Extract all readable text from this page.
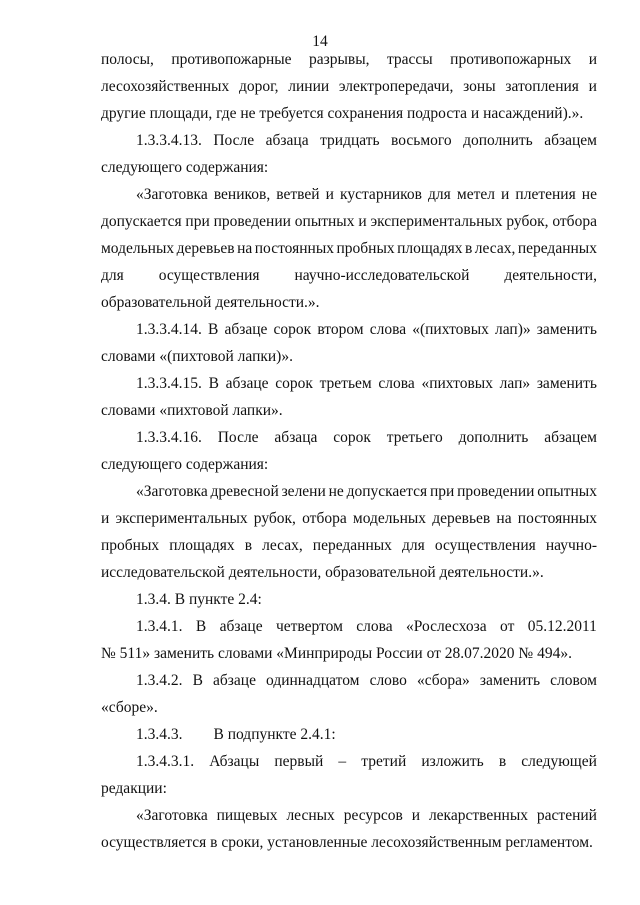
14
полосы, противопожарные разрывы, трассы противопожарных и
лесохозяйственных дорог, линии электропередачи, зоны затопления и
другие площади, где не требуется сохранения подроста и насаждений).».
1.3.3.4.13. После абзаца тридцать восьмого дополнить абзацем
следующего содержания:
«Заготовка веников, ветвей и кустарников для метел и плетения не
допускается при проведении опытных и экспериментальных рубок, отбора
модельных деревьев на постоянных пробных площадях в лесах, переданных
для осуществления научно-исследовательской деятельности,
образовательной деятельности.».
1.3.3.4.14. В абзаце сорок втором слова «(пихтовых лап)» заменить
словами «(пихтовой лапки)».
1.3.3.4.15. В абзаце сорок третьем слова «пихтовых лап» заменить
словами «пихтовой лапки».
1.3.3.4.16. После абзаца сорок третьего дополнить абзацем
следующего содержания:
«Заготовка древесной зелени не допускается при проведении опытных
и экспериментальных рубок, отбора модельных деревьев на постоянных
пробных площадях в лесах, переданных для осуществления научно-
исследовательской деятельности, образовательной деятельности.».
1.3.4. В пункте 2.4:
1.3.4.1. В абзаце четвертом слова «Рослесхоза от 05.12.2011
№ 511» заменить словами «Минприроды России от 28.07.2020 № 494».
1.3.4.2. В абзаце одиннадцатом слово «сбора» заменить словом
«сборе».
1.3.4.3.        В подпункте 2.4.1:
1.3.4.3.1. Абзацы первый – третий изложить в следующей
редакции:
«Заготовка пищевых лесных ресурсов и лекарственных растений
осуществляется в сроки, установленные лесохозяйственным регламентом.
